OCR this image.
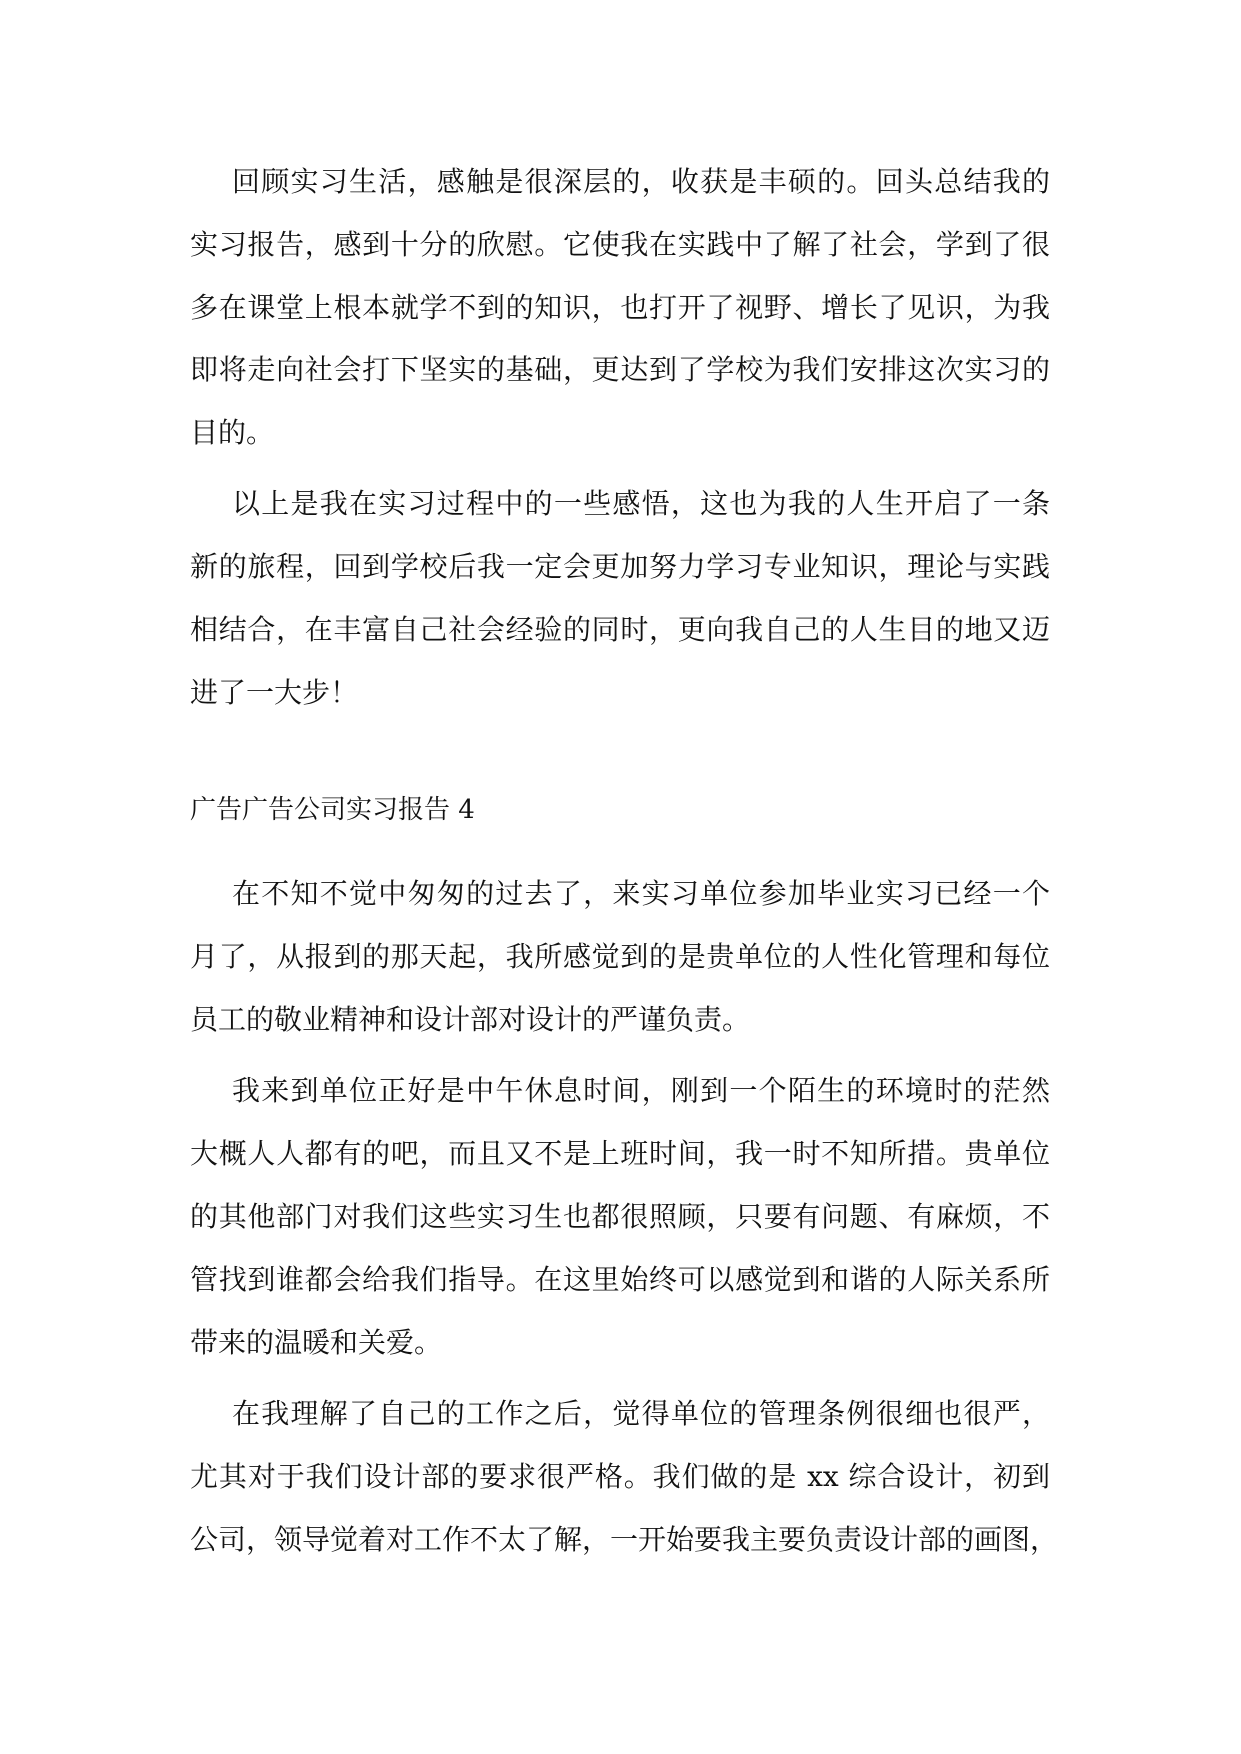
回顾实习生活，感触是很深层的，收获是丰硕的。回头总结我的
实习报告，感到十分的欣慰。它使我在实践中了解了社会，学到了很
多在课堂上根本就学不到的知识，也打开了视野、增长了见识，为我
即将走向社会打下坚实的基础，更达到了学校为我们安排这次实习的
目的。
以上是我在实习过程中的一些感悟，这也为我的人生开启了一条
新的旅程，回到学校后我一定会更加努力学习专业知识，理论与实践
相结合，在丰富自己社会经验的同时，更向我自己的人生目的地又迈
进了一大步！
广告广告公司实习报告 4
在不知不觉中匆匆的过去了，来实习单位参加毕业实习已经一个
月了，从报到的那天起，我所感觉到的是贵单位的人性化管理和每位
员工的敬业精神和设计部对设计的严谨负责。
我来到单位正好是中午休息时间，刚到一个陌生的环境时的茫然
大概人人都有的吧，而且又不是上班时间，我一时不知所措。贵单位
的其他部门对我们这些实习生也都很照顾，只要有问题、有麻烦，不
管找到谁都会给我们指导。在这里始终可以感觉到和谐的人际关系所
带来的温暖和关爱。
在我理解了自己的工作之后，觉得单位的管理条例很细也很严，
尤其对于我们设计部的要求很严格。我们做的是 xx 综合设计，初到
公司，领导觉着对工作不太了解，一开始要我主要负责设计部的画图，
